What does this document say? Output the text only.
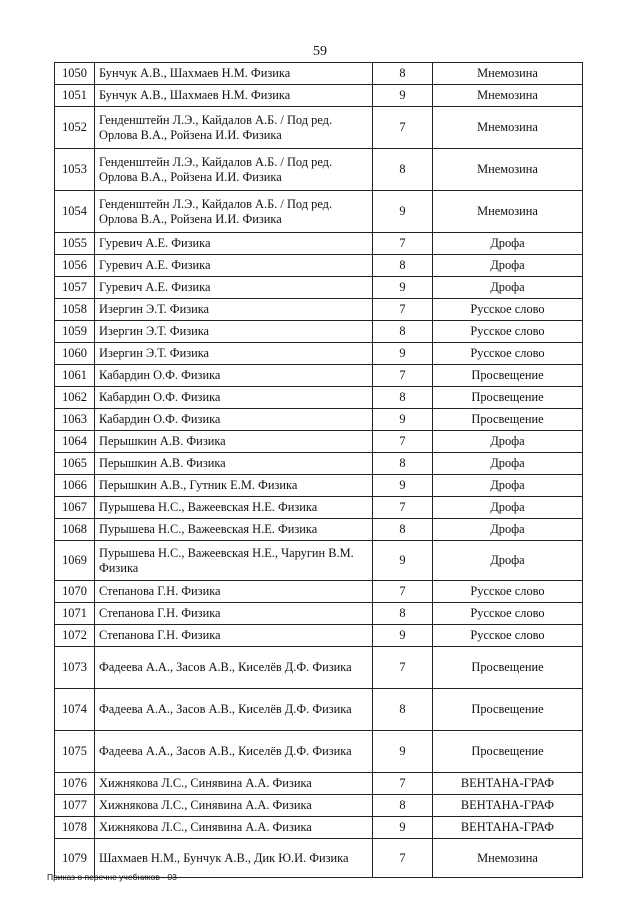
59
1050	Бунчук А.В., Шахмаев Н.М. Физика	8	Мнемозина
1051	Бунчук А.В., Шахмаев Н.М. Физика	9	Мнемозина
1052	Генденштейн Л.Э., Кайдалов А.Б. / Под ред. Орлова В.А., Ройзена И.И. Физика	7	Мнемозина
1053	Генденштейн Л.Э., Кайдалов А.Б. / Под ред. Орлова В.А., Ройзена И.И. Физика	8	Мнемозина
1054	Генденштейн Л.Э., Кайдалов А.Б. / Под ред. Орлова В.А., Ройзена И.И. Физика	9	Мнемозина
1055	Гуревич А.Е. Физика	7	Дрофа
1056	Гуревич А.Е. Физика	8	Дрофа
1057	Гуревич А.Е. Физика	9	Дрофа
1058	Изергин Э.Т. Физика	7	Русское слово
1059	Изергин Э.Т. Физика	8	Русское слово
1060	Изергин Э.Т. Физика	9	Русское слово
1061	Кабардин О.Ф. Физика	7	Просвещение
1062	Кабардин О.Ф. Физика	8	Просвещение
1063	Кабардин О.Ф. Физика	9	Просвещение
1064	Перышкин А.В. Физика	7	Дрофа
1065	Перышкин А.В. Физика	8	Дрофа
1066	Перышкин А.В., Гутник Е.М. Физика	9	Дрофа
1067	Пурышева Н.С., Важеевская Н.Е. Физика	7	Дрофа
1068	Пурышева Н.С., Важеевская Н.Е. Физика	8	Дрофа
1069	Пурышева Н.С., Важеевская Н.Е., Чаругин В.М. Физика	9	Дрофа
1070	Степанова Г.Н. Физика	7	Русское слово
1071	Степанова Г.Н. Физика	8	Русское слово
1072	Степанова Г.Н. Физика	9	Русское слово
1073	Фадеева А.А., Засов А.В., Киселёв Д.Ф. Физика	7	Просвещение
1074	Фадеева А.А., Засов А.В., Киселёв Д.Ф. Физика	8	Просвещение
1075	Фадеева А.А., Засов А.В., Киселёв Д.Ф. Физика	9	Просвещение
1076	Хижнякова Л.С., Синявина А.А. Физика	7	ВЕНТАНА-ГРАФ
1077	Хижнякова Л.С., Синявина А.А. Физика	8	ВЕНТАНА-ГРАФ
1078	Хижнякова Л.С., Синявина А.А. Физика	9	ВЕНТАНА-ГРАФ
1079	Шахмаев Н.М., Бунчук А.В., Дик Ю.И. Физика	7	Мнемозина
Приказ о перечне учебников - 03
